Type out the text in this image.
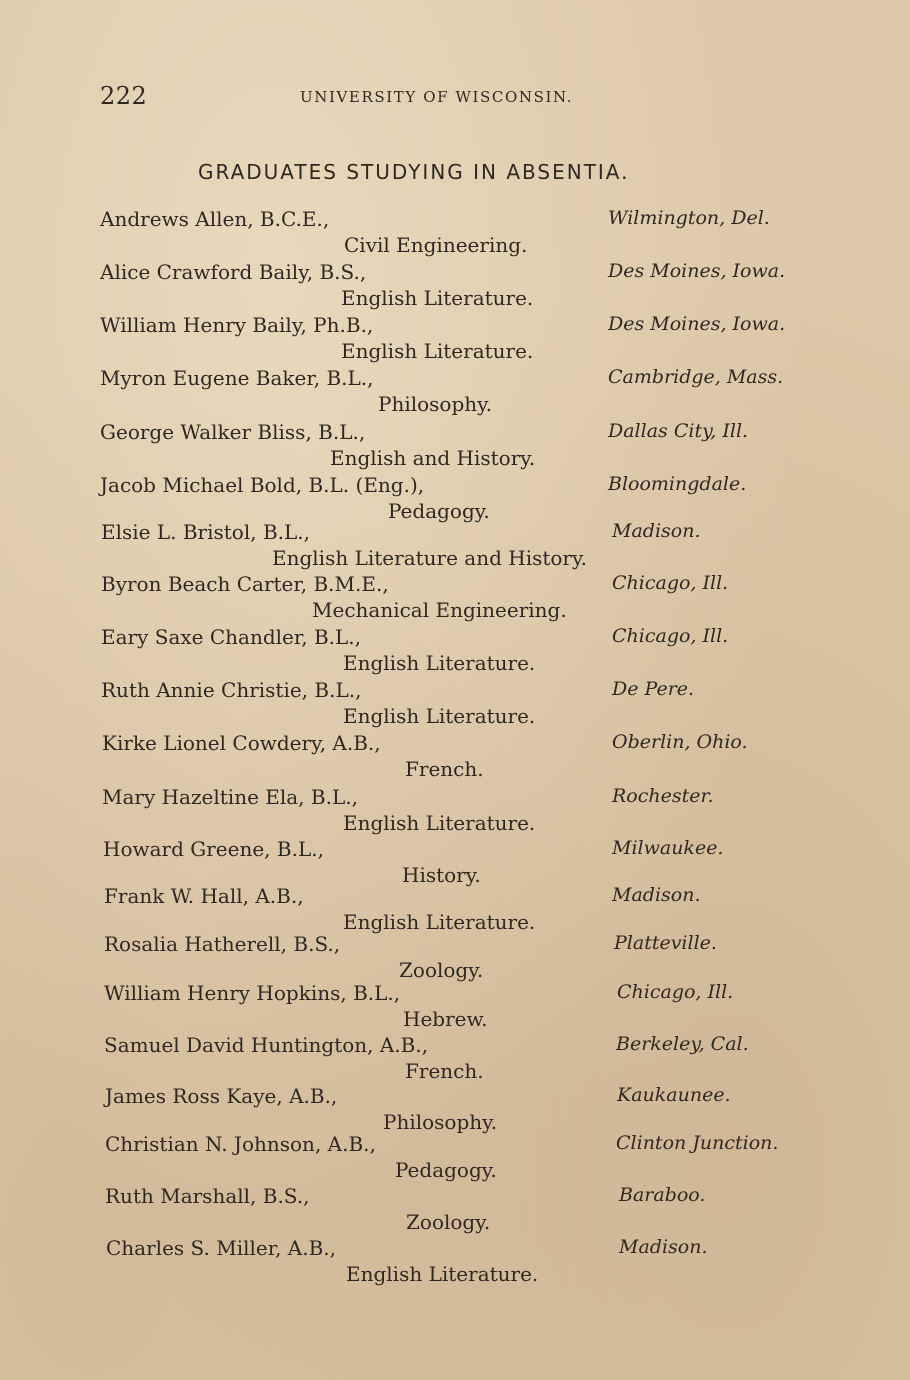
222	UNIVERSITY OF WISCONSIN.
GRADUATES STUDYING IN ABSENTIA.
Andrews Allen, B.C.E.,	Wilmington, Del.
Civil Engineering.
Alice Crawford Baily, B.S.,	Des Moines, Iowa.
English Literature.
William Henry Baily, Ph.B.,	Des Moines, Iowa.
English Literature.
Myron Eugene Baker, B.L.,	Cambridge, Mass.
Philosophy.
George Walker Bliss, B.L.,	Dallas City, Ill.
English and History.
Jacob Michael Bold, B.L. (Eng.),	Bloomingdale.
Pedagogy.
Elsie L. Bristol, B.L.,	Madison.
English Literature and History.
Byron Beach Carter, B.M.E.,	Chicago, Ill.
Mechanical Engineering.
Eary Saxe Chandler, B.L.,	Chicago, Ill.
English Literature.
Ruth Annie Christie, B.L.,	De Pere.
English Literature.
Kirke Lionel Cowdery, A.B.,	Oberlin, Ohio.
French.
Mary Hazeltine Ela, B.L.,	Rochester.
English Literature.
Howard Greene, B.L.,	Milwaukee.
History.
Frank W. Hall, A.B.,	Madison.
English Literature.
Rosalia Hatherell, B.S.,	Platteville.
Zoology.
William Henry Hopkins, B.L.,	Chicago, Ill.
Hebrew.
Samuel David Huntington, A.B.,	Berkeley, Cal.
French.
James Ross Kaye, A.B.,	Kaukaunee.
Philosophy.
Christian N. Johnson, A.B.,	Clinton Junction.
Pedagogy.
Ruth Marshall, B.S.,	Baraboo.
Zoology.
Charles S. Miller, A.B.,	Madison.
English Literature.
